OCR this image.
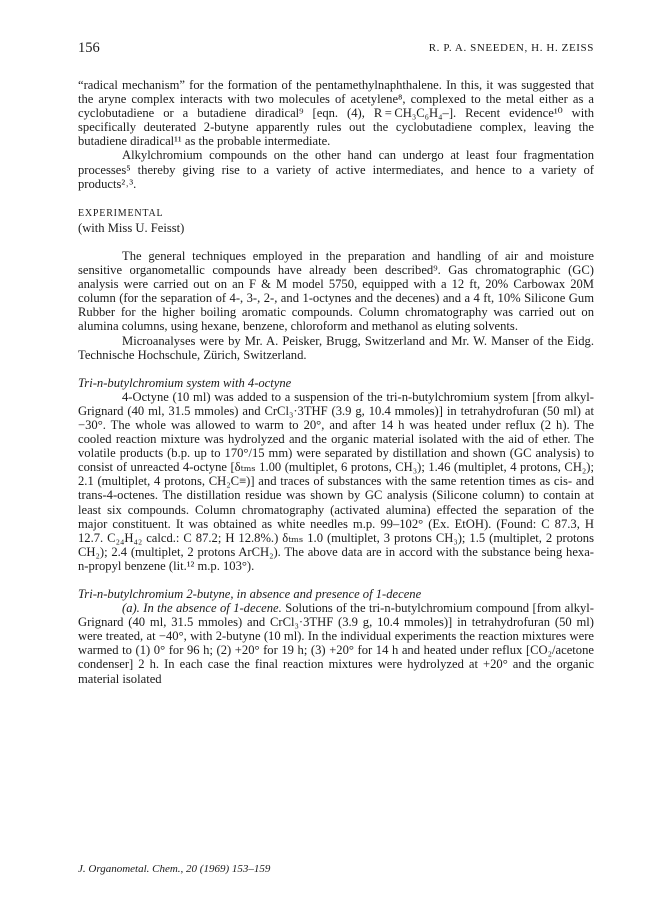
156	R. P. A. SNEEDEN, H. H. ZEISS

“radical mechanism” for the formation of the pentamethylnaphthalene. In this, it was suggested that the aryne complex interacts with two molecules of acetylene⁸, complexed to the metal either as a cyclobutadiene or a butadiene diradical⁹ [eqn. (4), R = CH₃C₆H₄–]. Recent evidence¹⁰ with specifically deuterated 2-butyne apparently rules out the cyclobutadiene complex, leaving the butadiene diradical¹¹ as the probable intermediate.

Alkylchromium compounds on the other hand can undergo at least four fragmentation processes⁵ thereby giving rise to a variety of active intermediates, and hence to a variety of products²˒³.

EXPERIMENTAL
(with Miss U. Feisst)

The general techniques employed in the preparation and handling of air and moisture sensitive organometallic compounds have already been described⁹. Gas chromatographic (GC) analysis were carried out on an F & M model 5750, equipped with a 12 ft, 20% Carbowax 20M column (for the separation of 4-, 3-, 2-, and 1-octynes and the decenes) and a 4 ft, 10% Silicone Gum Rubber for the higher boiling aromatic compounds. Column chromatography was carried out on alumina columns, using hexane, benzene, chloroform and methanol as eluting solvents.

Microanalyses were by Mr. A. Peisker, Brugg, Switzerland and Mr. W. Manser of the Eidg. Technische Hochschule, Zürich, Switzerland.

Tri-n-butylchromium system with 4-octyne

4-Octyne (10 ml) was added to a suspension of the tri-n-butylchromium system [from alkyl-Grignard (40 ml, 31.5 mmoles) and CrCl₃·3THF (3.9 g, 10.4 mmoles)] in tetrahydrofuran (50 ml) at −30°. The whole was allowed to warm to 20°, and after 14 h was heated under reflux (2 h). The cooled reaction mixture was hydrolyzed and the organic material isolated with the aid of ether. The volatile products (b.p. up to 170°/15 mm) were separated by distillation and shown (GC analysis) to consist of unreacted 4-octyne [δₜₘₛ 1.00 (multiplet, 6 protons, CH₃); 1.46 (multiplet, 4 protons, CH₂); 2.1 (multiplet, 4 protons, CH₂C≡)] and traces of substances with the same retention times as cis- and trans-4-octenes. The distillation residue was shown by GC analysis (Silicone column) to contain at least six compounds. Column chromatography (activated alumina) effected the separation of the major constituent. It was obtained as white needles m.p. 99–102° (Ex. EtOH). (Found: C 87.3, H 12.7. C₂₄H₄₂ calcd.: C 87.2; H 12.8%.) δₜₘₛ 1.0 (multiplet, 3 protons CH₃); 1.5 (multiplet, 2 protons CH₂); 2.4 (multiplet, 2 protons ArCH₂). The above data are in accord with the substance being hexa-n-propyl benzene (lit.¹² m.p. 103°).

Tri-n-butylchromium 2-butyne, in absence and presence of 1-decene

(a). In the absence of 1-decene. Solutions of the tri-n-butylchromium compound [from alkyl-Grignard (40 ml, 31.5 mmoles) and CrCl₃·3THF (3.9 g, 10.4 mmoles)] in tetrahydrofuran (50 ml) were treated, at −40°, with 2-butyne (10 ml). In the individual experiments the reaction mixtures were warmed to (1) 0° for 96 h; (2) +20° for 19 h; (3) +20° for 14 h and heated under reflux [CO₂/acetone condenser] 2 h. In each case the final reaction mixtures were hydrolyzed at +20° and the organic material isolated

J. Organometal. Chem., 20 (1969) 153–159
